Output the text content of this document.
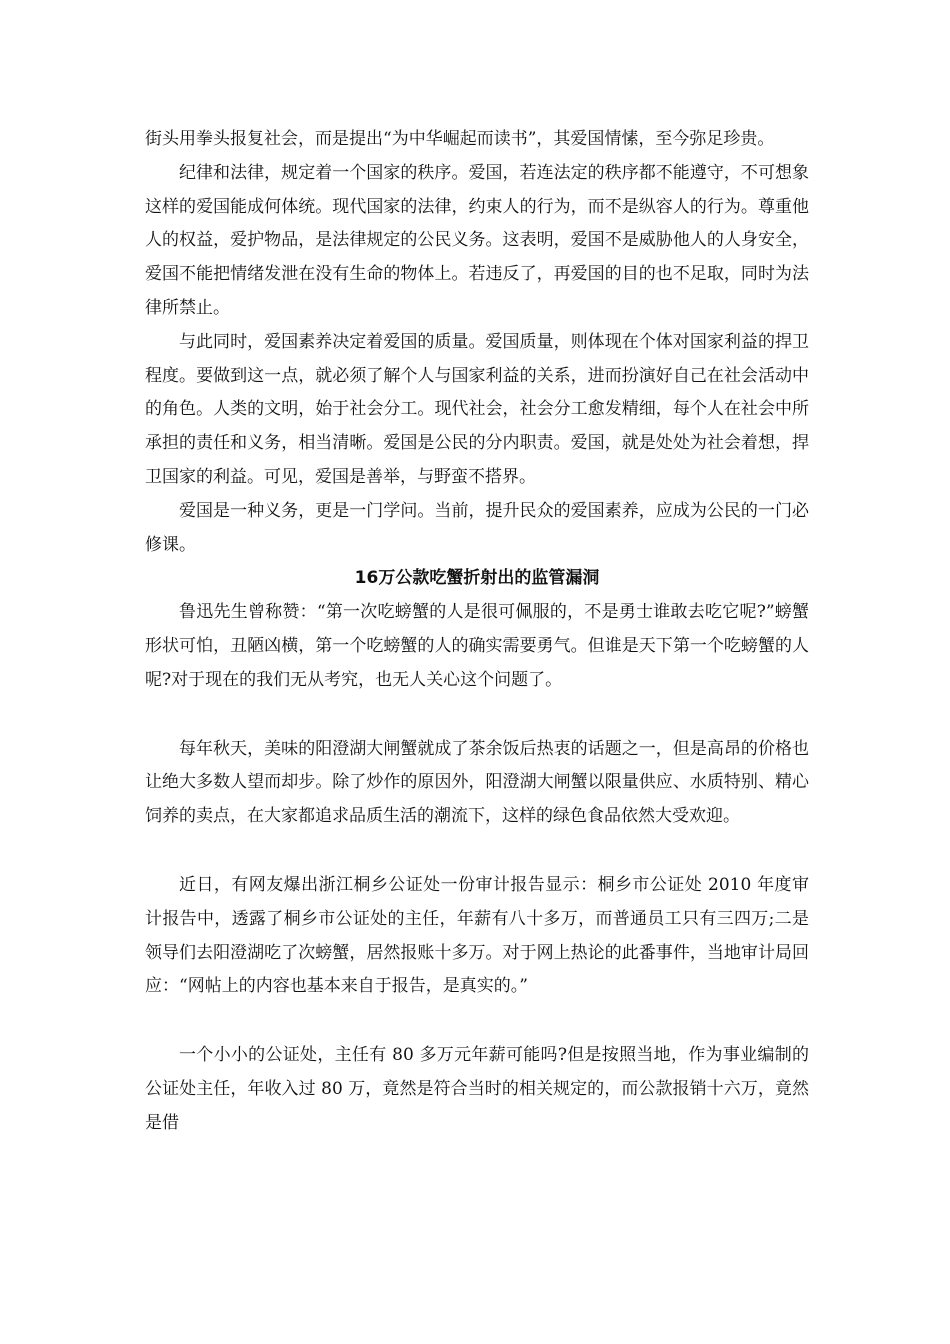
街头用拳头报复社会，而是提出“为中华崛起而读书”，其爱国情愫，至今弥足珍贵。

纪律和法律，规定着一个国家的秩序。爱国，若连法定的秩序都不能遵守，不可想象这样的爱国能成何体统。现代国家的法律，约束人的行为，而不是纵容人的行为。尊重他人的权益，爱护物品，是法律规定的公民义务。这表明，爱国不是威胁他人的人身安全，爱国不能把情绪发泄在没有生命的物体上。若违反了，再爱国的目的也不足取，同时为法律所禁止。

与此同时，爱国素养决定着爱国的质量。爱国质量，则体现在个体对国家利益的捍卫程度。要做到这一点，就必须了解个人与国家利益的关系，进而扮演好自己在社会活动中的角色。人类的文明，始于社会分工。现代社会，社会分工愈发精细，每个人在社会中所承担的责任和义务，相当清晰。爱国是公民的分内职责。爱国，就是处处为社会着想，捍卫国家的利益。可见，爱国是善举，与野蛮不搭界。

爱国是一种义务，更是一门学问。当前，提升民众的爱国素养，应成为公民的一门必修课。

16万公款吃蟹折射出的监管漏洞

鲁迅先生曾称赞：“第一次吃螃蟹的人是很可佩服的，不是勇士谁敢去吃它呢?”螃蟹形状可怕，丑陋凶横，第一个吃螃蟹的人的确实需要勇气。但谁是天下第一个吃螃蟹的人呢?对于现在的我们无从考究，也无人关心这个问题了。

每年秋天，美味的阳澄湖大闸蟹就成了茶余饭后热衷的话题之一，但是高昂的价格也让绝大多数人望而却步。除了炒作的原因外，阳澄湖大闸蟹以限量供应、水质特别、精心饲养的卖点，在大家都追求品质生活的潮流下，这样的绿色食品依然大受欢迎。

近日，有网友爆出浙江桐乡公证处一份审计报告显示：桐乡市公证处 2010 年度审计报告中，透露了桐乡市公证处的主任，年薪有八十多万，而普通员工只有三四万;二是领导们去阳澄湖吃了次螃蟹，居然报账十多万。对于网上热论的此番事件，当地审计局回应：“网帖上的内容也基本来自于报告，是真实的。”

一个小小的公证处，主任有 80 多万元年薪可能吗?但是按照当地，作为事业编制的公证处主任，年收入过 80 万，竟然是符合当时的相关规定的，而公款报销十六万，竟然是借
